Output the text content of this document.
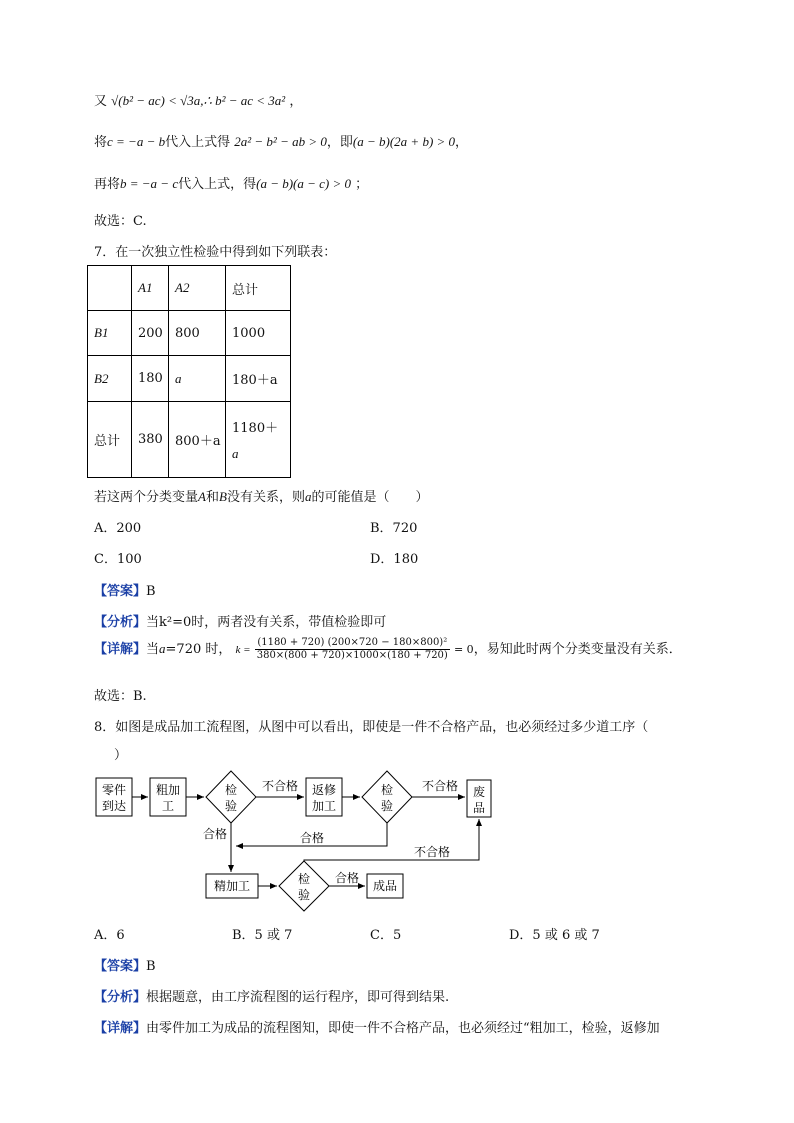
又 √(b² − ac) < √3a,∴ b² − ac < 3a² ，
将c = −a − b代入上式得 2a² − b² − ab > 0，即(a − b)(2a + b) > 0，
再将b = −a − c代入上式，得(a − b)(a − c) > 0 ；
故选：C.
7．在一次独立性检验中得到如下列联表：
	A1	A2	总计
B1	200	800	1000
B2	180	a	180＋a
总计	380	800＋a	1180＋
a
若这两个分类变量A和B没有关系，则a的可能值是（　　）
A．200	B．720
C．100	D．180
【答案】B
【分析】当k²=0时，两者没有关系，带值检验即可
【详解】当a=720 时， $k = \frac{\text{(1180 + 720) (200×720 − 180×800)²}}{380\times(800 + 720)\times 1000\times(180 + 720)} = 0$，易知此时两个分类变量没有关系．
故选：B.
8．如图是成品加工流程图，从图中可以看出，即使是一件不合格产品，也必须经过多少道工序（
）
零件
到达
粗加
工
检
验
不合格 返修
加工
检
验
不合格 废
品
合格	合格
不合格
精加工	检
验
合格
成品
A．6	B．5 或 7	C．5	D．5 或 6 或 7
【答案】B
【分析】根据题意，由工序流程图的运行程序，即可得到结果.
【详解】由零件加工为成品的流程图知，即使一件不合格产品，也必须经过“粗加工，检验，返修加
